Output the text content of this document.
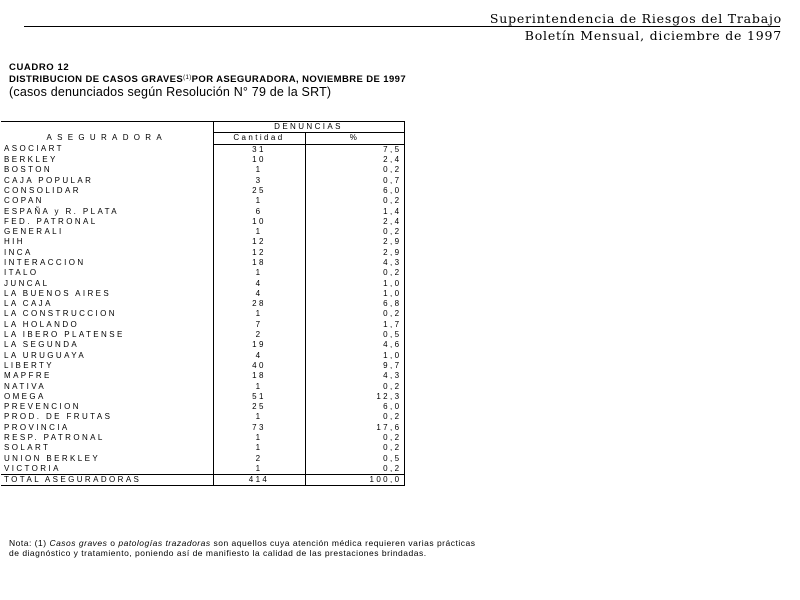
Superintendencia de Riesgos del Trabajo
Boletín Mensual, diciembre de 1997
CUADRO 12
DISTRIBUCION DE CASOS GRAVES$^{(1)}$POR ASEGURADORA, NOVIEMBRE DE 1997
(casos denunciados según Resolución N° 79 de la SRT)
	DENUNCIAS	
ASEGURADORA	Cantidad	%
ASOCIART	31	7,5
BERKLEY	10	2,4
BOSTON	1	0,2
CAJA POPULAR	3	0,7
CONSOLIDAR	25	6,0
COPAN	1	0,2
ESPAÑA y R. PLATA	6	1,4
FED. PATRONAL	10	2,4
GENERALI	1	0,2
HIH	12	2,9
INCA	12	2,9
INTERACCION	18	4,3
ITALO	1	0,2
JUNCAL	4	1,0
LA BUENOS AIRES	4	1,0
LA CAJA	28	6,8
LA CONSTRUCCION	1	0,2
LA HOLANDO	7	1,7
LA IBERO PLATENSE	2	0,5
LA SEGUNDA	19	4,6
LA URUGUAYA	4	1,0
LIBERTY	40	9,7
MAPFRE	18	4,3
NATIVA	1	0,2
OMEGA	51	12,3
PREVENCION	25	6,0
PROD. DE FRUTAS	1	0,2
PROVINCIA	73	17,6
RESP. PATRONAL	1	0,2
SOLART	1	0,2
UNION BERKLEY	2	0,5
VICTORIA	1	0,2
TOTAL ASEGURADORAS	414	100,0
Nota: (1) Casos graves o patologías trazadoras son aquellos cuya atención médica requieren varias prácticas de diagnóstico y tratamiento, poniendo así de manifiesto la calidad de las prestaciones brindadas.
